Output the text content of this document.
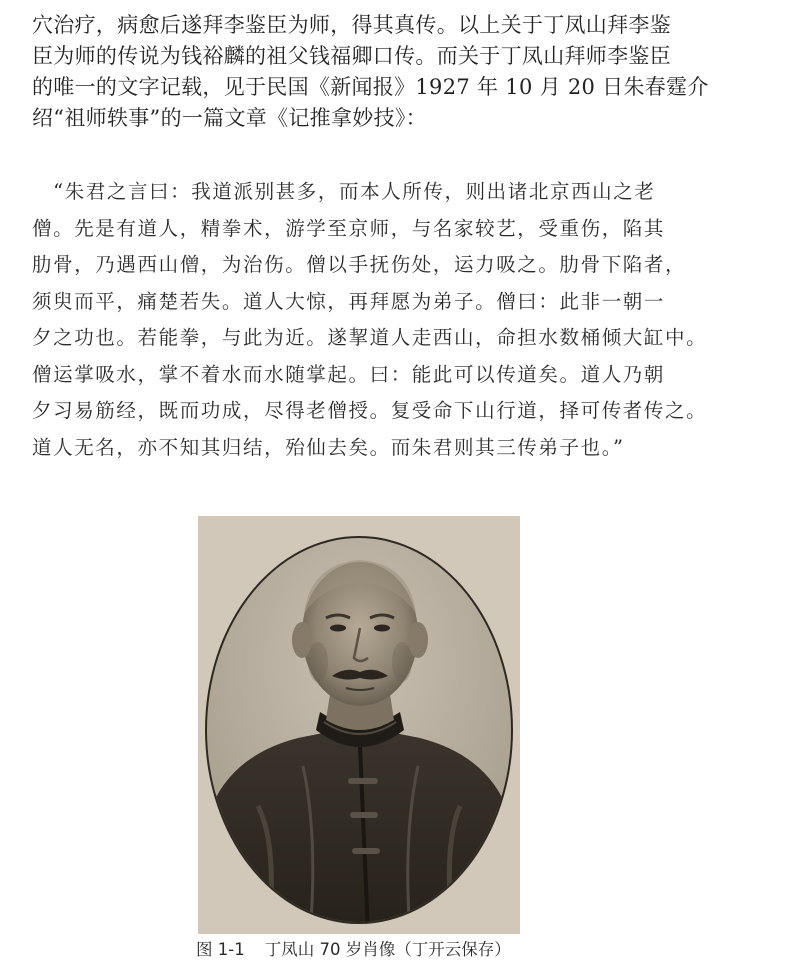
穴治疗，病愈后遂拜李鉴臣为师，得其真传。以上关于丁凤山拜李鉴
臣为师的传说为钱裕麟的祖父钱福卿口传。而关于丁凤山拜师李鉴臣
的唯一的文字记载，见于民国《新闻报》1927 年 10 月 20 日朱春霆介
绍“祖师轶事”的一篇文章《记推拿妙技》：

　“朱君之言曰：我道派别甚多，而本人所传，则出诸北京西山之老
僧。先是有道人，精拳术，游学至京师，与名家较艺，受重伤，陷其
肋骨，乃遇西山僧，为治伤。僧以手抚伤处，运力吸之。肋骨下陷者，
须臾而平，痛楚若失。道人大惊，再拜愿为弟子。僧曰：此非一朝一
夕之功也。若能拳，与此为近。遂挈道人走西山，命担水数桶倾大缸中。
僧运掌吸水，掌不着水而水随掌起。曰：能此可以传道矣。道人乃朝
夕习易筋经，既而功成，尽得老僧授。复受命下山行道，择可传者传之。
道人无名，亦不知其归结，殆仙去矣。而朱君则其三传弟子也。”

图 1-1 丁凤山 70 岁肖像（丁开云保存）
